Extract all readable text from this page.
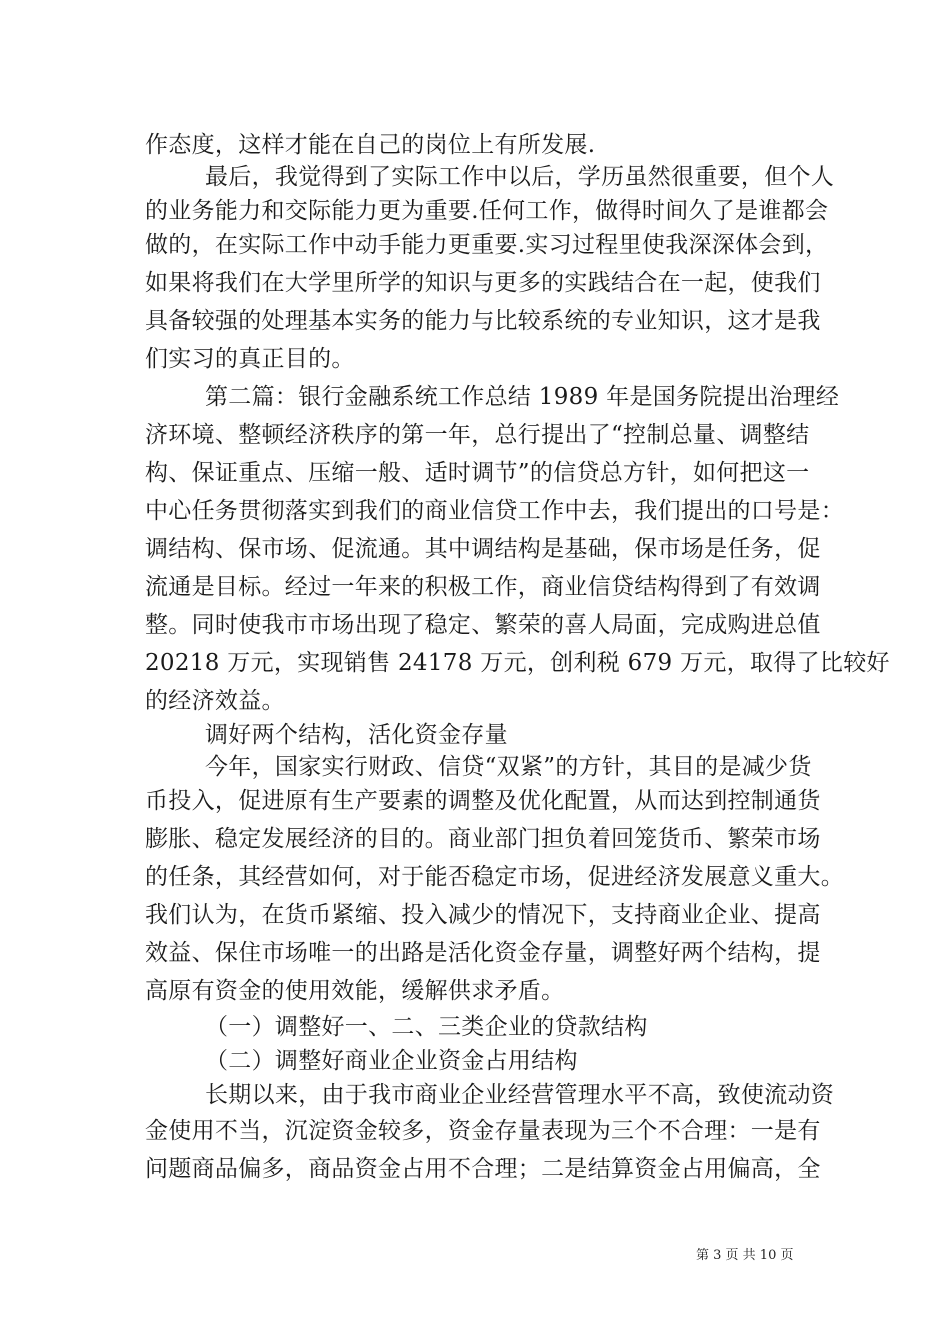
作态度，这样才能在自己的岗位上有所发展.
最后，我觉得到了实际工作中以后，学历虽然很重要，但个人
的业务能力和交际能力更为重要.任何工作，做得时间久了是谁都会
做的，在实际工作中动手能力更重要.实习过程里使我深深体会到，
如果将我们在大学里所学的知识与更多的实践结合在一起，使我们
具备较强的处理基本实务的能力与比较系统的专业知识，这才是我
们实习的真正目的。
第二篇：银行金融系统工作总结 1989 年是国务院提出治理经
济环境、整顿经济秩序的第一年，总行提出了“控制总量、调整结
构、保证重点、压缩一般、适时调节”的信贷总方针，如何把这一
中心任务贯彻落实到我们的商业信贷工作中去，我们提出的口号是：
调结构、保市场、促流通。其中调结构是基础，保市场是任务，促
流通是目标。经过一年来的积极工作，商业信贷结构得到了有效调
整。同时使我市市场出现了稳定、繁荣的喜人局面，完成购进总值
20218 万元，实现销售 24178 万元，创利税 679 万元，取得了比较好
的经济效益。
调好两个结构，活化资金存量
今年，国家实行财政、信贷“双紧”的方针，其目的是减少货
币投入，促进原有生产要素的调整及优化配置，从而达到控制通货
膨胀、稳定发展经济的目的。商业部门担负着回笼货币、繁荣市场
的任条，其经营如何，对于能否稳定市场，促进经济发展意义重大。
我们认为，在货币紧缩、投入减少的情况下，支持商业企业、提高
效益、保住市场唯一的出路是活化资金存量，调整好两个结构，提
高原有资金的使用效能，缓解供求矛盾。
（一）调整好一、二、三类企业的贷款结构
（二）调整好商业企业资金占用结构
长期以来，由于我市商业企业经营管理水平不高，致使流动资
金使用不当，沉淀资金较多，资金存量表现为三个不合理：一是有
问题商品偏多，商品资金占用不合理；二是结算资金占用偏高，全
第 3 页 共 10 页
